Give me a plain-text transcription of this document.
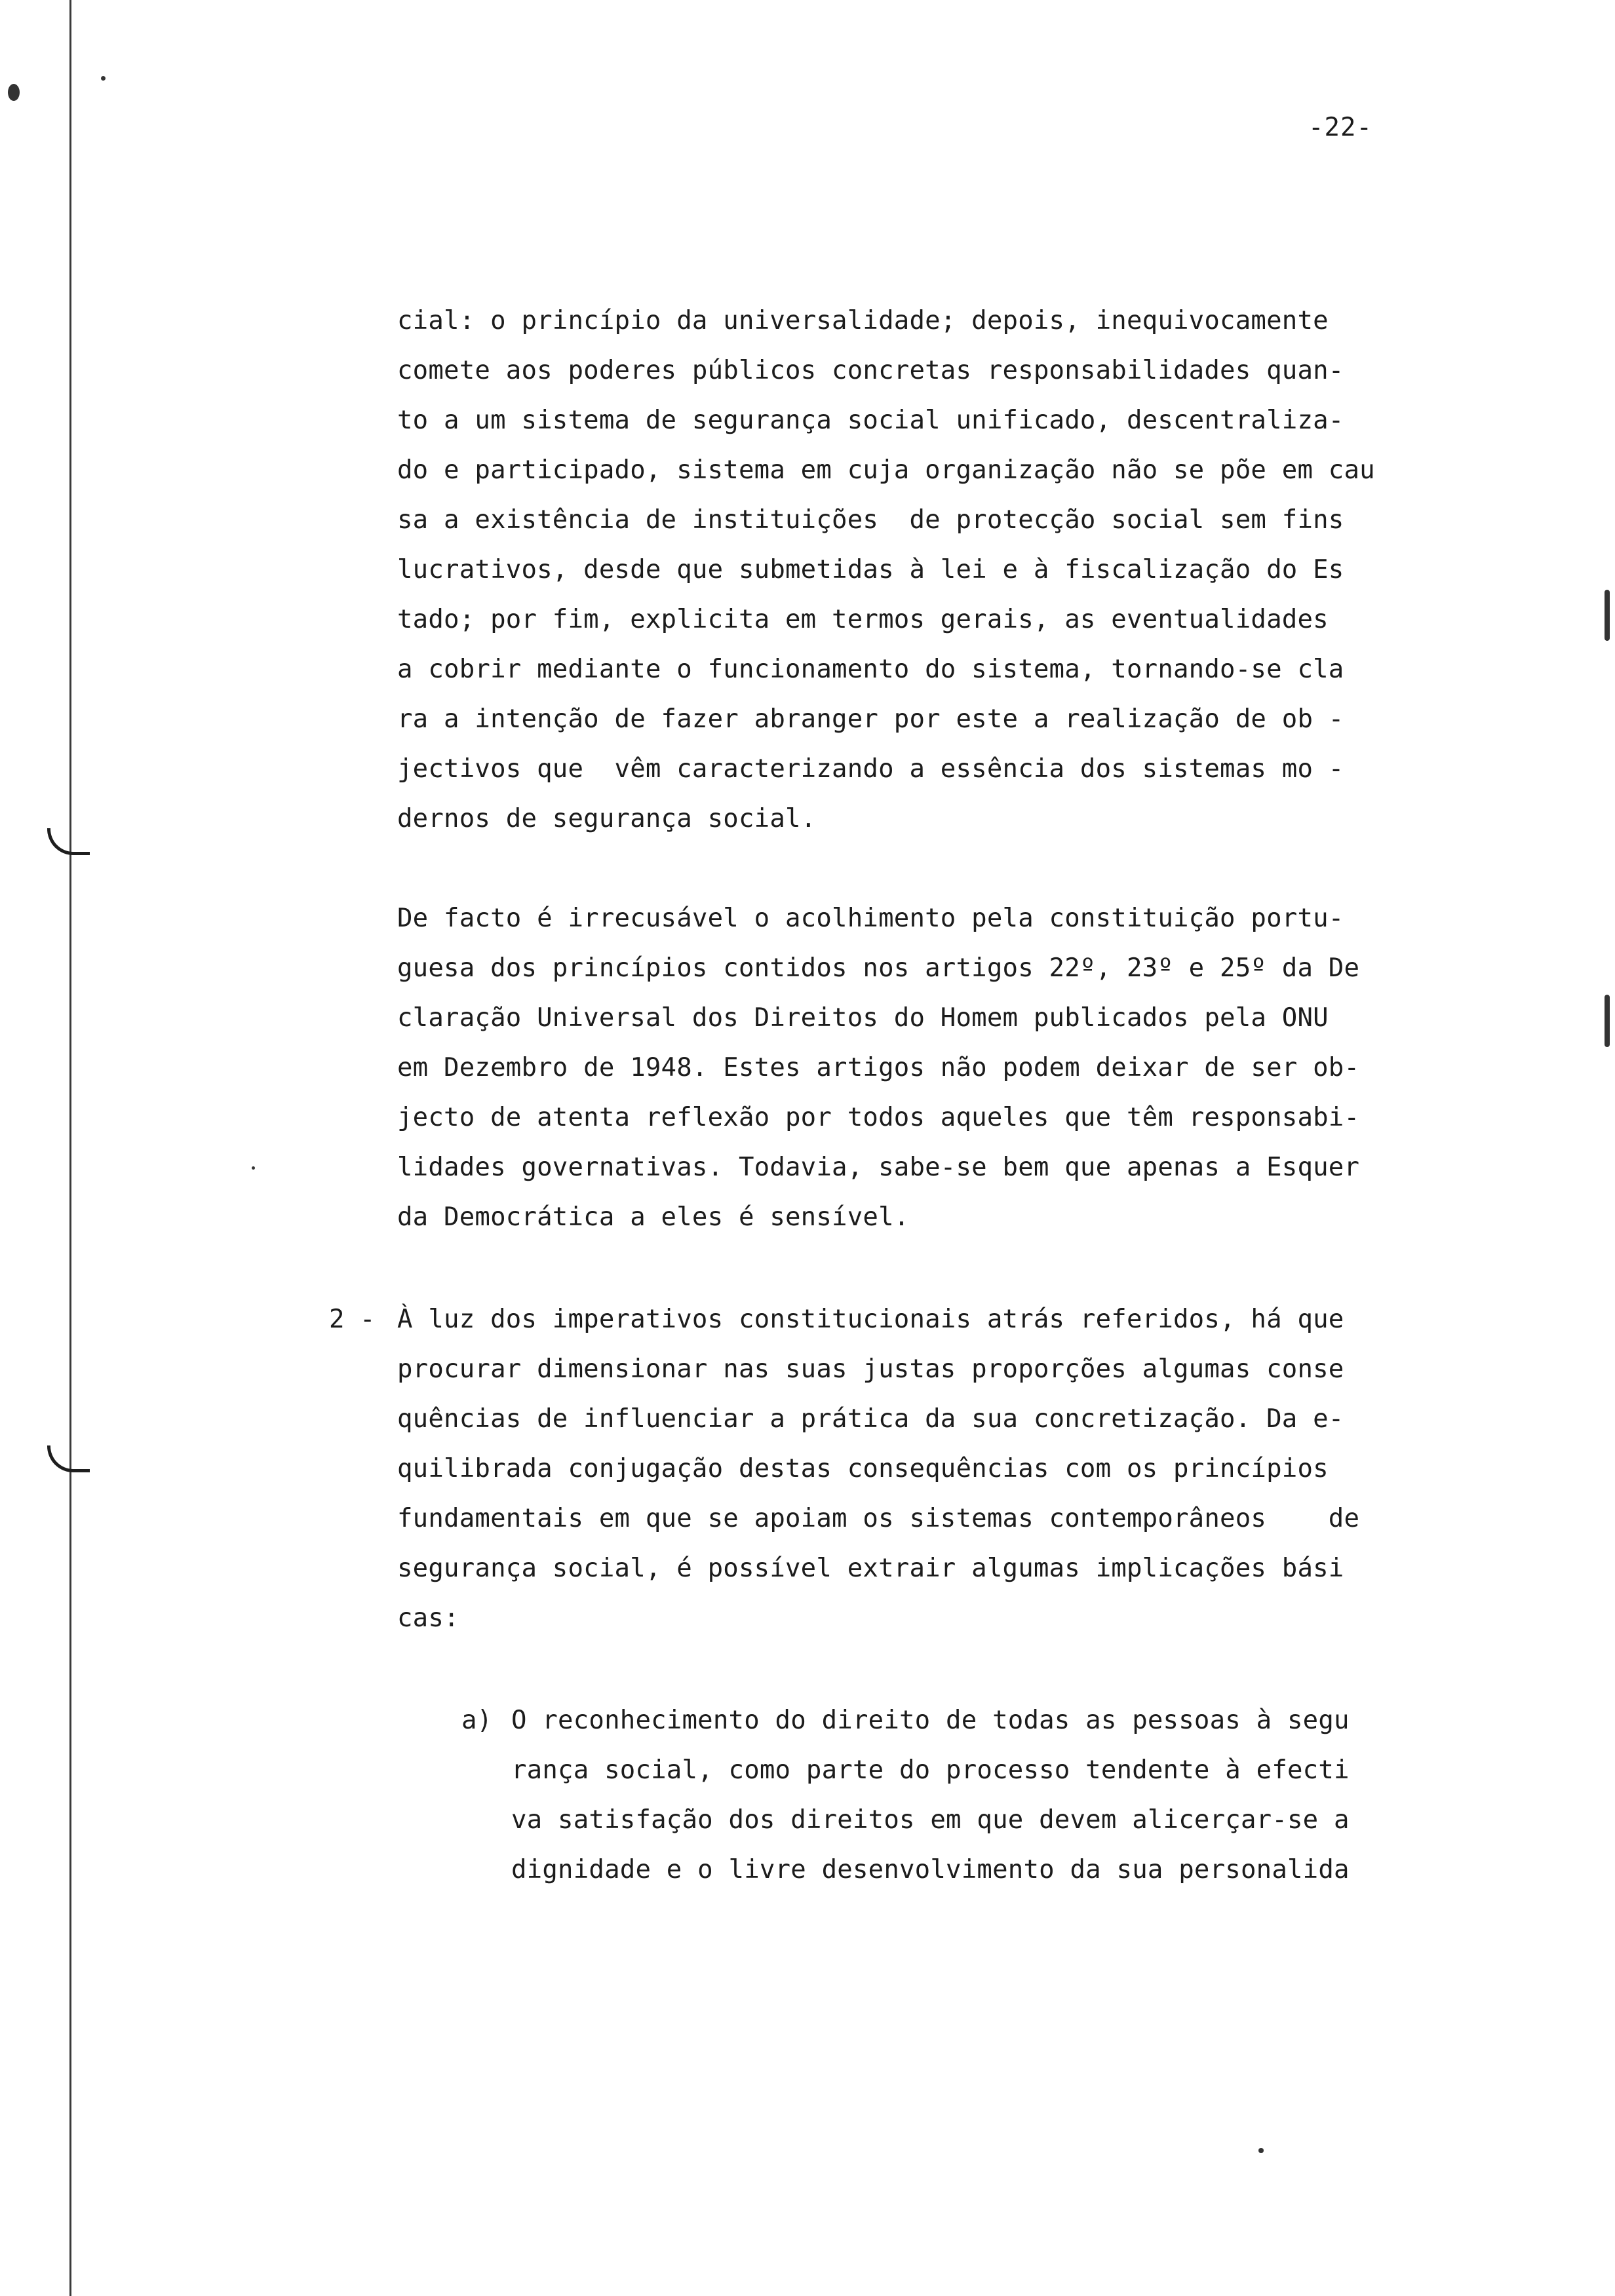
-22-
cial: o princípio da universalidade; depois, inequivocamente
comete aos poderes públicos concretas responsabilidades quan-
to a um sistema de segurança social unificado, descentraliza-
do e participado, sistema em cuja organização não se põe em cau
sa a existência de instituições  de protecção social sem fins
lucrativos, desde que submetidas à lei e à fiscalização do Es
tado; por fim, explicita em termos gerais, as eventualidades
a cobrir mediante o funcionamento do sistema, tornando-se cla
ra a intenção de fazer abranger por este a realização de ob -
jectivos que  vêm caracterizando a essência dos sistemas mo -
dernos de segurança social.
De facto é irrecusável o acolhimento pela constituição portu-
guesa dos princípios contidos nos artigos 22º, 23º e 25º da De
claração Universal dos Direitos do Homem publicados pela ONU
em Dezembro de 1948. Estes artigos não podem deixar de ser ob-
jecto de atenta reflexão por todos aqueles que têm responsabi-
lidades governativas. Todavia, sabe-se bem que apenas a Esquer
da Democrática a eles é sensível.
2 - À luz dos imperativos constitucionais atrás referidos, há que
procurar dimensionar nas suas justas proporções algumas conse
quências de influenciar a prática da sua concretização. Da e-
quilibrada conjugação destas consequências com os princípios
fundamentais em que se apoiam os sistemas contemporâneos    de
segurança social, é possível extrair algumas implicações bási
cas:
a) O reconhecimento do direito de todas as pessoas à segu
rança social, como parte do processo tendente à efecti
va satisfação dos direitos em que devem alicerçar-se a
dignidade e o livre desenvolvimento da sua personalida
